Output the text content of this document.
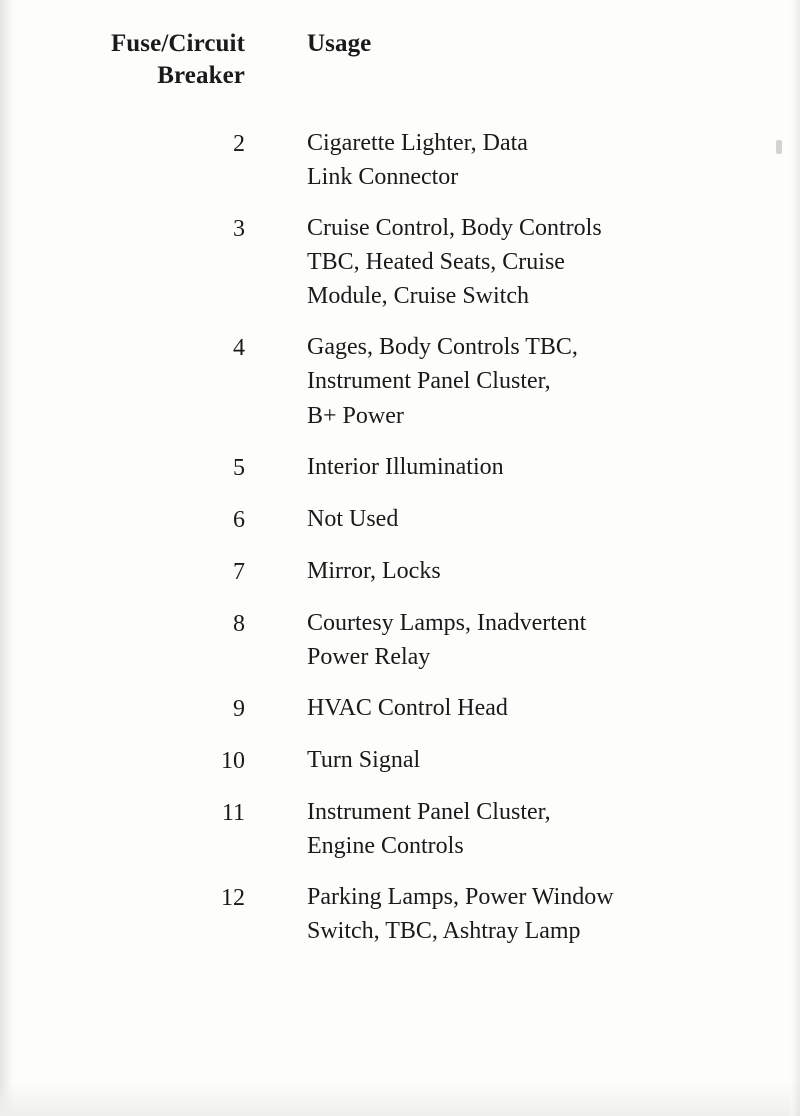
Fuse/Circuit
Breaker	Usage
2	Cigarette Lighter, Data
Link Connector

3	Cruise Control, Body Controls
TBC, Heated Seats, Cruise
Module, Cruise Switch

4	Gages, Body Controls TBC,
Instrument Panel Cluster,
B+ Power

5	Interior Illumination

6	Not Used

7	Mirror, Locks

8	Courtesy Lamps, Inadvertent
Power Relay

9	HVAC Control Head

10	Turn Signal

11	Instrument Panel Cluster,
Engine Controls

12	Parking Lamps, Power Window
Switch, TBC, Ashtray Lamp
